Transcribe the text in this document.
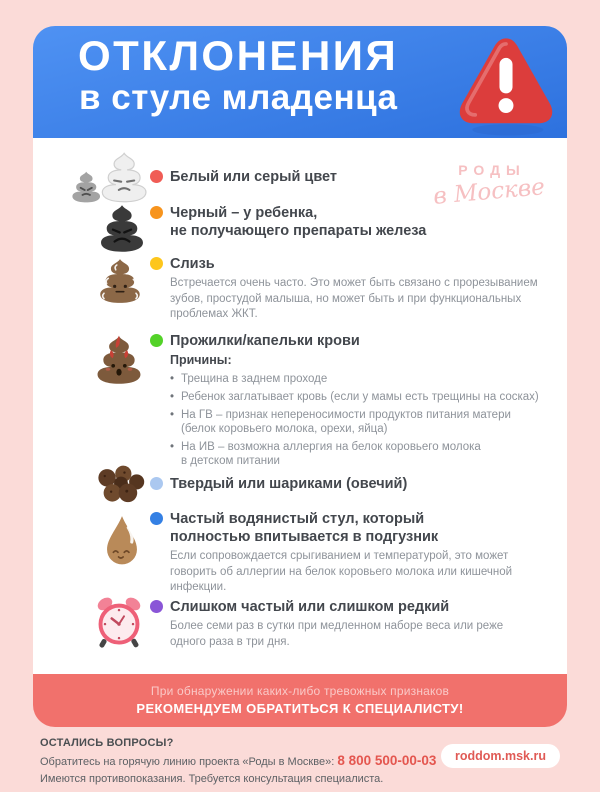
ОТКЛОНЕНИЯ
в стуле младенца
РОДЫ
в Москве
Белый или серый цвет
Черный – у ребенка,
не получающего препараты железа
Слизь
Встречается очень часто. Это может быть связано с прорезыванием
зубов, простудой малыша, но может быть и при функциональных
проблемах ЖКТ.
Прожилки/капельки крови
Причины:
• Трещина в заднем проходе
• Ребенок заглатывает кровь (если у мамы есть трещины на сосках)
• На ГВ – признак непереносимости продуктов питания матери
(белок коровьего молока, орехи, яйца)
• На ИВ – возможна аллергия на белок коровьего молока
в детском питании
Твердый или шариками (овечий)
Частый водянистый стул, который
полностью впитывается в подгузник
Если сопровождается срыгиванием и температурой, это может
говорить об аллергии на белок коровьего молока или кишечной
инфекции.
Слишком частый или слишком редкий
Более семи раз в сутки при медленном наборе веса или реже
одного раза в три дня.
При обнаружении каких-либо тревожных признаков
РЕКОМЕНДУЕМ ОБРАТИТЬСЯ К СПЕЦИАЛИСТУ!
ОСТАЛИСЬ ВОПРОСЫ?
Обратитесь на горячую линию проекта «Роды в Москве»: 8 800 500-00-03
Имеются противопоказания. Требуется консультация специалиста.
roddom.msk.ru
